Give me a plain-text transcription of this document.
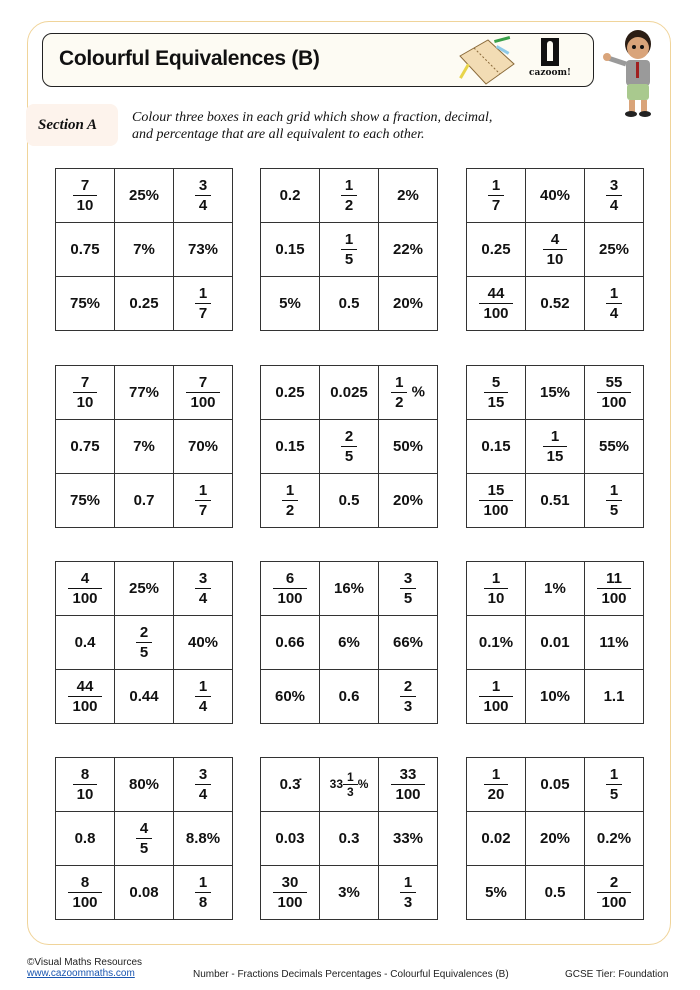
Colourful Equivalences (B)
cazoom!
Section A Colour three boxes in each grid which show a fraction, decimal,
and percentage that are all equivalent to each other.
$\frac{7}{10}$	25%	$\frac{3}{4}$

0.75	7%	73%
75%	0.25	$\frac{1}{7}$
0.2	$\frac{1}{2}$	2%
0.15	$\frac{1}{5}$	22%
5%	0.5	20%
$\frac{1}{7}$	40%	$\frac{3}{4}$

0.25	$\frac{4}{10}$	25%

$\frac{44}{100}$	0.52	$\frac{1}{4}$
$\frac{7}{10}$	77%	$\frac{7}{100}$

0.75	7%	70%
75%	0.7	$\frac{1}{7}$
0.25	0.025	$\frac{1}{2}$ %
0.15	$\frac{2}{5}$	50%

$\frac{1}{2}$	0.5	20%
$\frac{5}{15}$	15%	$\frac{55}{100}$

0.15	$\frac{1}{15}$	55%

$\frac{15}{100}$	0.51	$\frac{1}{5}$
$\frac{4}{100}$	25%	$\frac{3}{4}$

0.4	$\frac{2}{5}$	40%

$\frac{44}{100}$	0.44	$\frac{1}{4}$
$\frac{6}{100}$	16%	$\frac{3}{5}$

0.66	6%	66%
60%	0.6	$\frac{2}{3}$
$\frac{1}{10}$	1%	$\frac{11}{100}$

0.1%	0.01	11%

$\frac{1}{100}$	10%	1.1
$\frac{8}{10}$	80%	$\frac{3}{4}$

0.8	$\frac{4}{5}$	8.8%

$\frac{8}{100}$	0.08	$\frac{1}{8}$
0.3̇	$33 \frac{1}{3}$ %	$\frac{33}{100}$

0.03	0.3	33%

$\frac{30}{100}$	3%	$\frac{1}{3}$
$\frac{1}{20}$	0.05	$\frac{1}{5}$

0.02	20%	0.2%
5%	0.5	$\frac{2}{100}$
©Visual Maths Resources
www.cazoommaths.com	Number - Fractions Decimals Percentages - Colourful Equivalences (B)	GCSE Tier: Foundation
